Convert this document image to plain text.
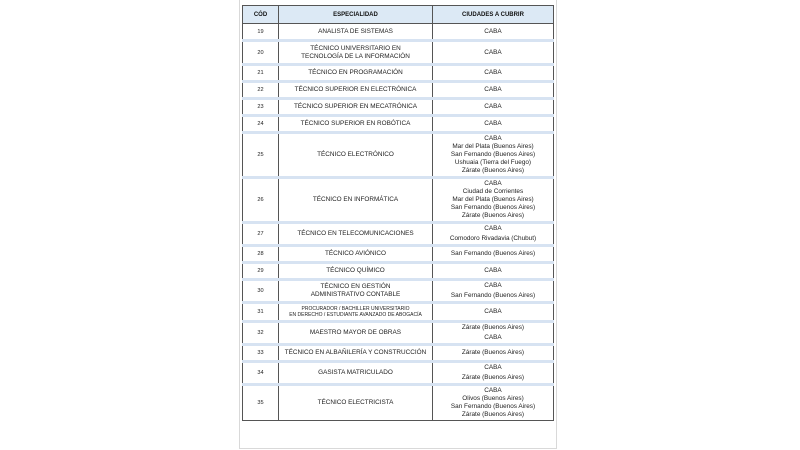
CÓD	ESPECIALIDAD	CIUDADES A CUBRIR
19	ANALISTA DE SISTEMAS	CABA

20	TÉCNICO UNIVERSITARIO EN
TECNOLOGÍA DE LA INFORMACIÓN	CABA

21	TÉCNICO EN PROGRAMACIÓN	CABA

22	TÉCNICO SUPERIOR EN ELECTRÓNICA	CABA

23	TÉCNICO SUPERIOR EN MECATRÓNICA	CABA

24	TÉCNICO SUPERIOR EN ROBÓTICA	CABA

25	TÉCNICO ELECTRÓNICO	CABA
Mar del Plata (Buenos Aires)
San Fernando (Buenos Aires)
Ushuaia (Tierra del Fuego)
Zárate (Buenos Aires)

26	TÉCNICO EN INFORMÁTICA	CABA
Ciudad de Corrientes
Mar del Plata (Buenos Aires)
San Fernando (Buenos Aires)
Zárate (Buenos Aires)

27	TÉCNICO EN TELECOMUNICACIONES	CABA
Comodoro Rivadavia (Chubut)

28	TÉCNICO AVIÓNICO	San Fernando (Buenos Aires)

29	TÉCNICO QUÍMICO	CABA

30	TÉCNICO EN GESTIÓN
ADMINISTRATIVO CONTABLE	CABA
San Fernando (Buenos Aires)

31	PROCURADOR / BACHILLER UNIVERSITARIO
EN DERECHO / ESTUDIANTE AVANZADO DE ABOGACÍA	CABA

32	MAESTRO MAYOR DE OBRAS	Zárate (Buenos Aires)
CABA

33	TÉCNICO EN ALBAÑILERÍA Y CONSTRUCCIÓN	Zárate (Buenos Aires)

34	GASISTA MATRICULADO	CABA
Zárate (Buenos Aires)

35	TÉCNICO ELECTRICISTA	CABA
Olivos (Buenos Aires)
San Fernando (Buenos Aires)
Zárate (Buenos Aires)
